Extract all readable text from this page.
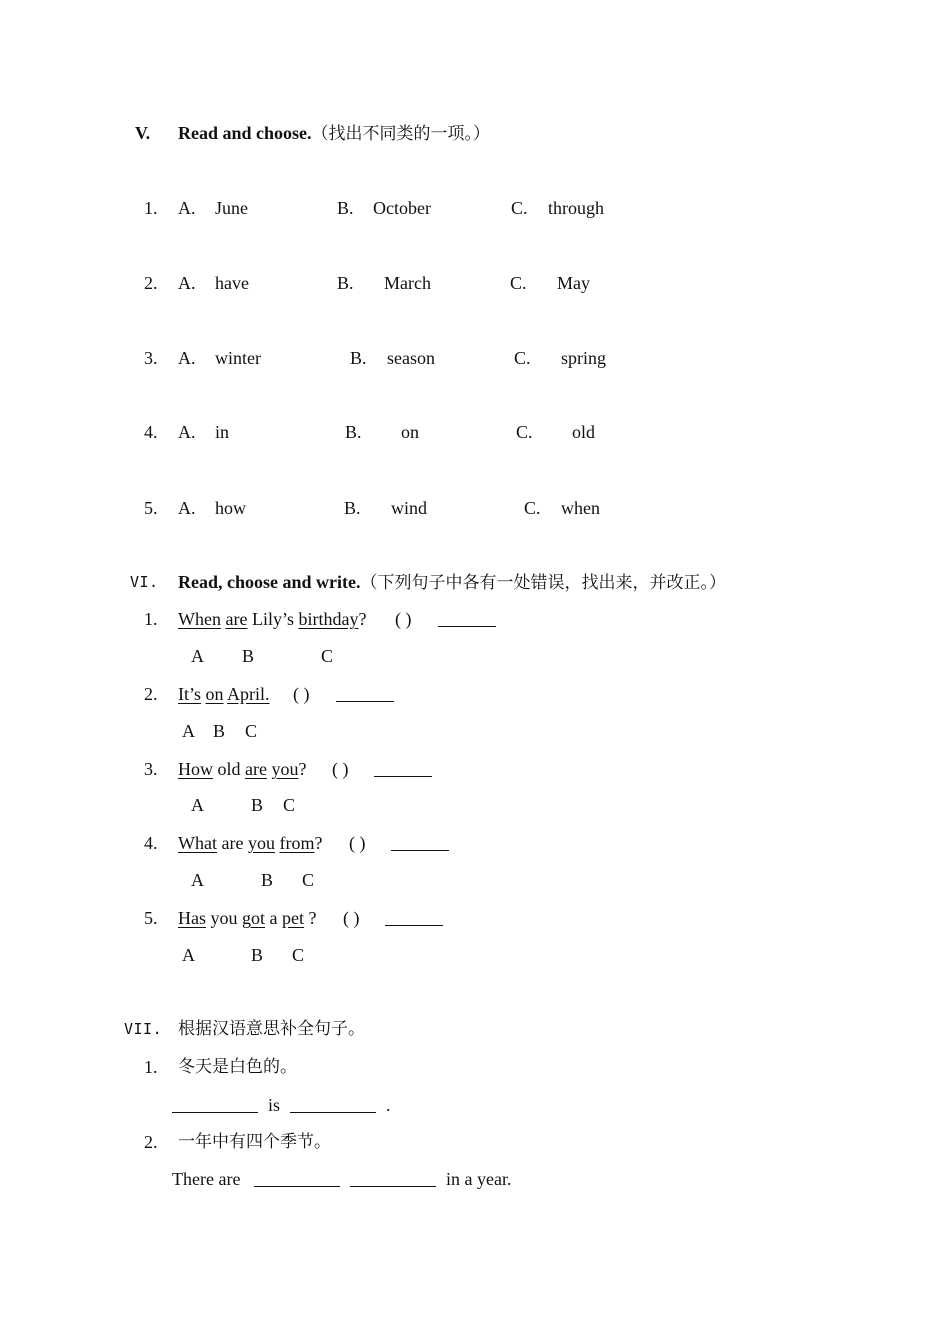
V. Read and choose.（找出不同类的一项。）
1. A. June	B. October	C. through
2. A. have	B. March	C. May
3. A. winter	B. season	C. spring
4. A. in	B. on	C. old
5. A. how	B. wind	C. when
VI. Read, choose and write.（下列句子中各有一处错误，找出来，并改正。）
1. When are Lily’s birthday? ( )
A B	C
2. It’s on April. ( )
A B C
3. How old are you? ( )
A	B C
4. What are you from? ( )
A	B C
5. Has you got a pet ? ( )
A	B C
VII. 根据汉语意思补全句子。
1. 冬天是白色的。
is	.
2. 一年中有四个季节。
There are	in a year.
